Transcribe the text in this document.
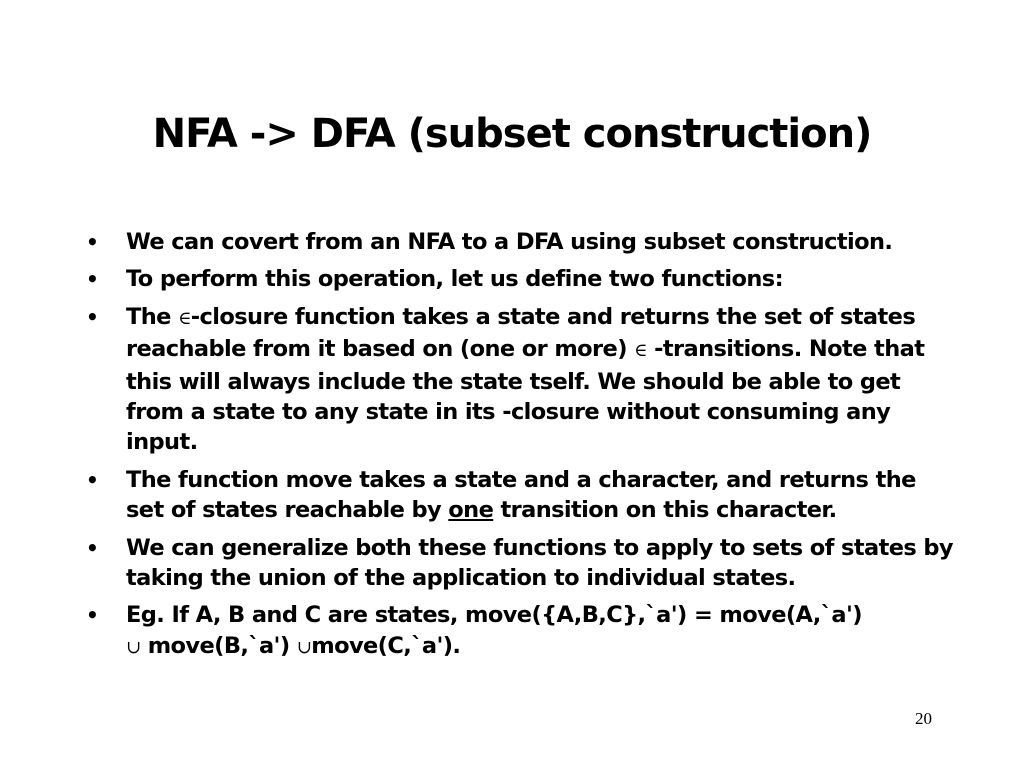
NFA -> DFA (subset construction)
• We can covert from an NFA to a DFA using subset construction.
• To perform this operation, let us define two functions:
• The ∈-closure function takes a state and returns the set of states reachable from it based on (one or more) ∈ -transitions. Note that this will always include the state tself. We should be able to get from a state to any state in its -closure without consuming any input.
• The function move takes a state and a character, and returns the set of states reachable by one transition on this character.
• We can generalize both these functions to apply to sets of states by taking the union of the application to individual states.
• Eg. If A, B and C are states, move({A,B,C},`a') = move(A,`a')
∪ move(B,`a') ∪move(C,`a').
20
